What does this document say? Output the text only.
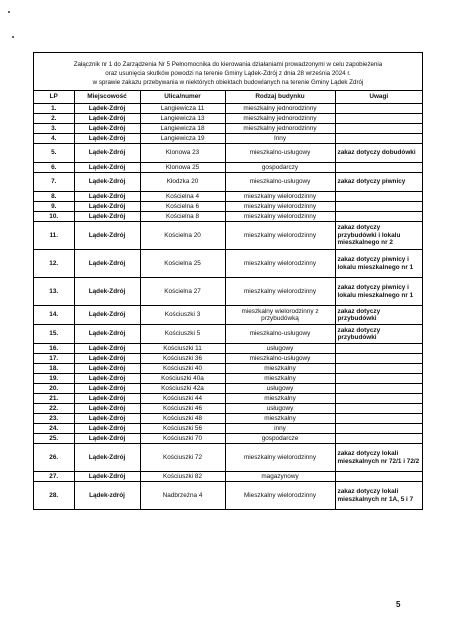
Załącznik nr 1 do Zarządzenia Nr 5 Pełnomocnika do kierowania działaniami prowadzonymi w celu zapobieżenia
oraz usunięcia skutków powodzi na terenie Gminy Lądek-Zdrój z dnia 28 września 2024 r.
w sprawie zakazu przebywania w niektórych obiektach budowlanych na terenie Gminy Lądek Zdrój
LP	Miejscowość	Ulica/numer	Rodzaj budynku	Uwagi
1.	Lądek-Zdrój	Langiewicza 11	mieszkalny jednorodzinny	
2.	Lądek-Zdrój	Langiewicza 13	mieszkalny jednorodzinny	
3.	Lądek-Zdrój	Langiewicza 18	mieszkalny jednorodzinny	
4.	Lądek-Zdrój	Langiewicza 19	Inny	
5.	Lądek-Zdrój	Klonowa 23	mieszkalno-usługowy	zakaz dotyczy dobudówki
6.	Lądek-Zdrój	Klonowa 25	gospodarczy	
7.	Lądek-Zdrój	Kłodzka 20	mieszkalno-usługowy	zakaz dotyczy piwnicy
8.	Lądek-Zdrój	Kościelna 4	mieszkalny wielorodzinny	
9.	Lądek-Zdrój	Kościelna 6	mieszkalny wielorodzinny	
10.	Lądek-Zdrój	Kościelna 8	mieszkalny wielorodzinny	
11.	Lądek-Zdrój	Kościelna 20	mieszkalny wielorodzinny	zakaz dotyczy przybudówki i lokalu mieszkalnego nr 2
12.	Lądek-Zdrój	Kościelna 25	mieszkalny wielorodzinny	zakaz dotyczy piwnicy i lokalu mieszkalnego nr 1
13.	Lądek-Zdrój	Kościelna 27	mieszkalny wielorodzinny	zakaz dotyczy piwnicy i lokalu mieszkalnego nr 1
14.	Lądek-Zdrój	Kościuszki 3	mieszkalny wielorodzinny z przybudówką	zakaz dotyczy przybudówki
15.	Lądek-Zdrój	Kościuszki 5	mieszkalno-usługowy	zakaz dotyczy przybudówki
16.	Lądek-Zdrój	Kościuszki 11	usługowy	
17.	Lądek-Zdrój	Kościuszki 36	mieszkalno-usługowy	
18.	Lądek-Zdrój	Kościuszki 40	mieszkalny	
19.	Lądek-Zdrój	Kościuszki 40a	mieszkalny	
20.	Lądek-Zdrój	Kościuszki 42a	usługowy	
21.	Lądek-Zdrój	Kościuszki 44	mieszkalny	
22.	Lądek-Zdrój	Kościuszki 46	usługowy	
23.	Lądek-Zdrój	Kościuszki 48	mieszkalny	
24.	Lądek-Zdrój	Kościuszki 56	inny	
25.	Lądek-Zdrój	Kościuszki 70	gospodarcze	
26.	Lądek-Zdrój	Kościuszki 72	mieszkalny wielorodzinny	zakaz dotyczy lokali mieszkalnych nr 72/1 i 72/2
27.	Lądek-Zdrój	Kościuszki 82	magazynowy	
28.	Lądek-zdrój	Nadbrzeżna 4	Mieszkalny wielorodzinny	zakaz dotyczy lokali mieszkalnych nr 1A, 5 i 7
5
